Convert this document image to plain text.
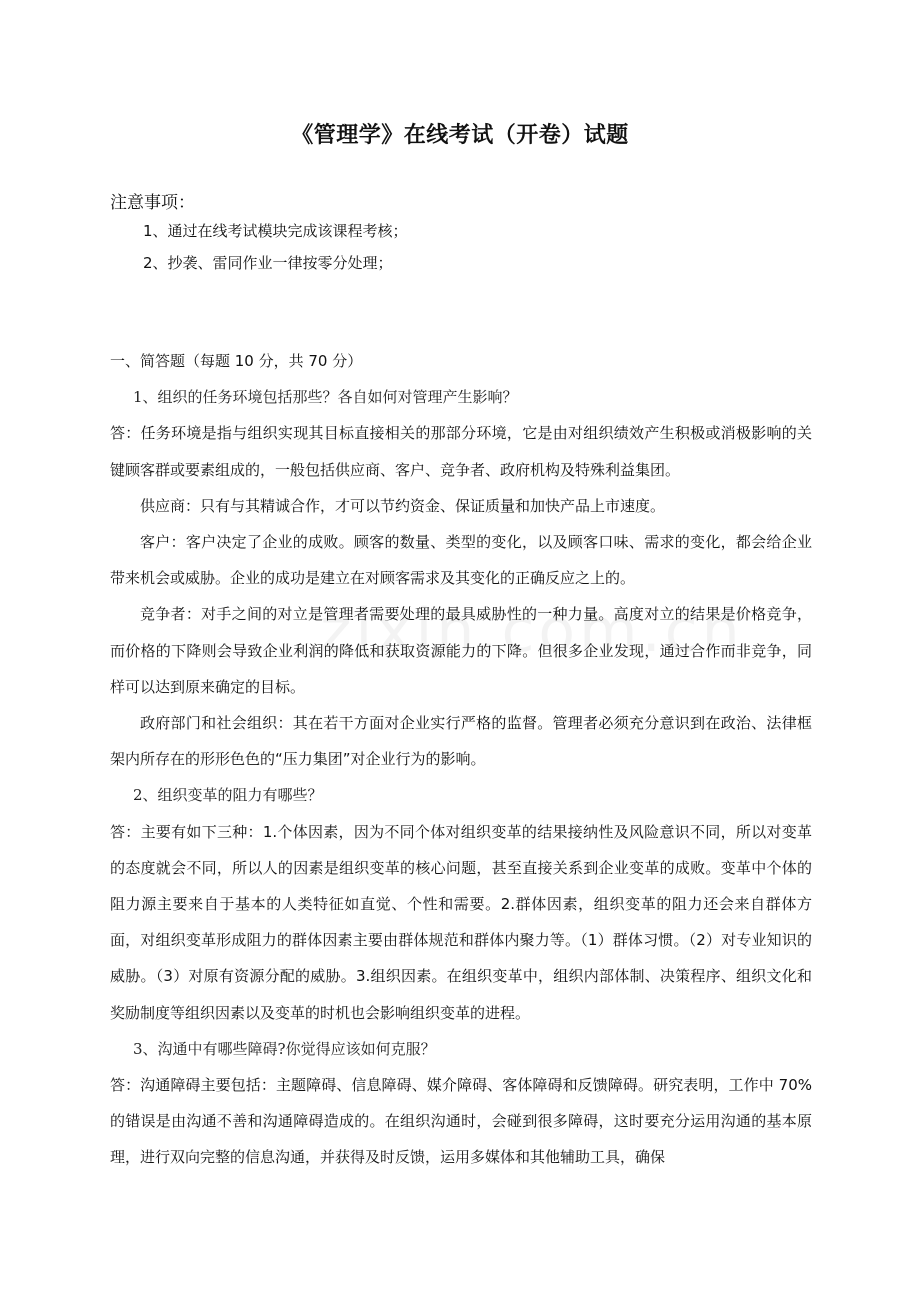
《管理学》在线考试（开卷）试题
注意事项：
1、通过在线考试模块完成该课程考核；
2、抄袭、雷同作业一律按零分处理；

一、简答题（每题 10 分，共 70 分）

1、组织的任务环境包括那些？各自如何对管理产生影响？

答：任务环境是指与组织实现其目标直接相关的那部分环境，它是由对组织绩效产生积极或消极影响的关键顾客群或要素组成的，一般包括供应商、客户、竞争者、政府机构及特殊利益集团。

供应商：只有与其精诚合作，才可以节约资金、保证质量和加快产品上市速度。

客户：客户决定了企业的成败。顾客的数量、类型的变化，以及顾客口味、需求的变化，都会给企业带来机会或威胁。企业的成功是建立在对顾客需求及其变化的正确反应之上的。

竞争者：对手之间的对立是管理者需要处理的最具威胁性的一种力量。高度对立的结果是价格竞争，而价格的下降则会导致企业利润的降低和获取资源能力的下降。但很多企业发现，通过合作而非竞争，同样可以达到原来确定的目标。

政府部门和社会组织：其在若干方面对企业实行严格的监督。管理者必须充分意识到在政治、法律框架内所存在的形形色色的“压力集团”对企业行为的影响。

2、组织变革的阻力有哪些？

答：主要有如下三种：1.个体因素，因为不同个体对组织变革的结果接纳性及风险意识不同，所以对变革的态度就会不同，所以人的因素是组织变革的核心问题，甚至直接关系到企业变革的成败。变革中个体的阻力源主要来自于基本的人类特征如直觉、个性和需要。2.群体因素，组织变革的阻力还会来自群体方面，对组织变革形成阻力的群体因素主要由群体规范和群体内聚力等。（1）群体习惯。（2）对专业知识的威胁。（3）对原有资源分配的威胁。3.组织因素。在组织变革中，组织内部体制、决策程序、组织文化和奖励制度等组织因素以及变革的时机也会影响组织变革的进程。

3、沟通中有哪些障碍?你觉得应该如何克服？

答：沟通障碍主要包括：主题障碍、信息障碍、媒介障碍、客体障碍和反馈障碍。研究表明，工作中 70%的错误是由沟通不善和沟通障碍造成的。在组织沟通时，会碰到很多障碍，这时要充分运用沟通的基本原理，进行双向完整的信息沟通，并获得及时反馈，运用多媒体和其他辅助工具，确保
